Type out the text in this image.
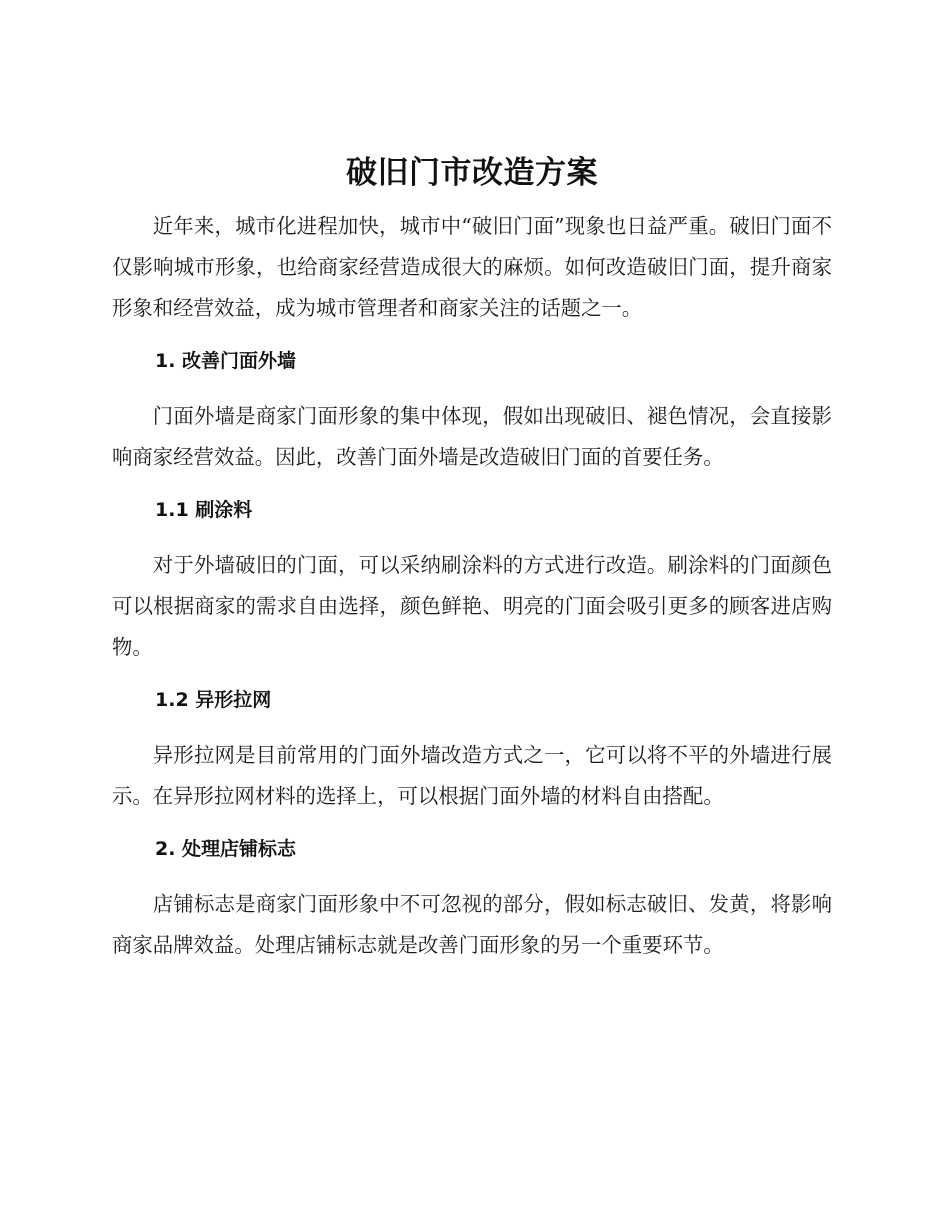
破旧门市改造方案

近年来，城市化进程加快，城市中“破旧门面”现象也日益严重。破旧门面不仅影响城市形象，也给商家经营造成很大的麻烦。如何改造破旧门面，提升商家形象和经营效益，成为城市管理者和商家关注的话题之一。

1. 改善门面外墙

门面外墙是商家门面形象的集中体现，假如出现破旧、褪色情况，会直接影响商家经营效益。因此，改善门面外墙是改造破旧门面的首要任务。

1.1 刷涂料

对于外墙破旧的门面，可以采纳刷涂料的方式进行改造。刷涂料的门面颜色可以根据商家的需求自由选择，颜色鲜艳、明亮的门面会吸引更多的顾客进店购物。

1.2 异形拉网

异形拉网是目前常用的门面外墙改造方式之一，它可以将不平的外墙进行展示。在异形拉网材料的选择上，可以根据门面外墙的材料自由搭配。

2. 处理店铺标志

店铺标志是商家门面形象中不可忽视的部分，假如标志破旧、发黄，将影响商家品牌效益。处理店铺标志就是改善门面形象的另一个重要环节。
